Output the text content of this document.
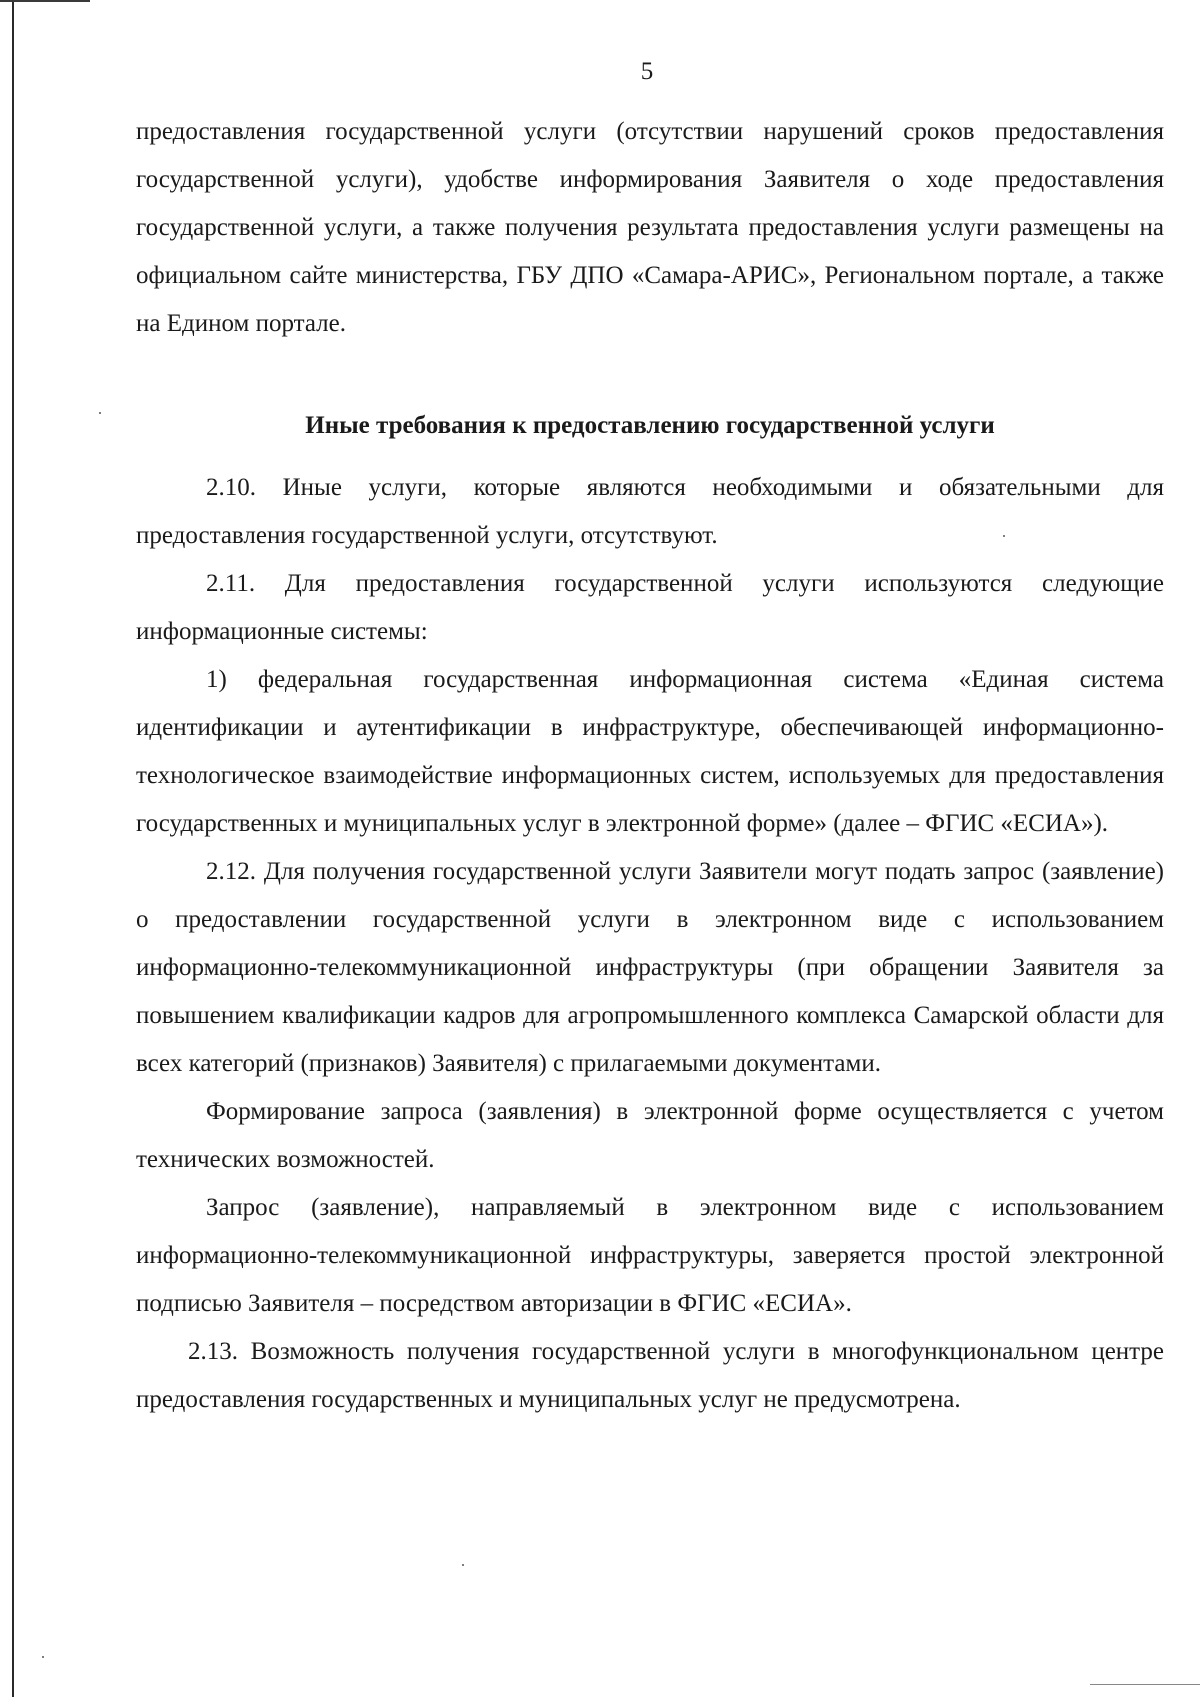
5

предоставления государственной услуги (отсутствии нарушений сроков предоставления государственной услуги), удобстве информирования Заявителя о ходе предоставления государственной услуги, а также получения результата предоставления услуги размещены на официальном сайте министерства, ГБУ ДПО «Самара-АРИС», Региональном портале, а также на Едином портале.

Иные требования к предоставлению государственной услуги

2.10. Иные услуги, которые являются необходимыми и обязательными для предоставления государственной услуги, отсутствуют.

2.11. Для предоставления государственной услуги используются следующие информационные системы:

1) федеральная государственная информационная система «Единая система идентификации и аутентификации в инфраструктуре, обеспечивающей информационно-технологическое взаимодействие информационных систем, используемых для предоставления государственных и муниципальных услуг в электронной форме» (далее – ФГИС «ЕСИА»).

2.12. Для получения государственной услуги Заявители могут подать запрос (заявление) о предоставлении государственной услуги в электронном виде с использованием информационно-телекоммуникационной инфраструктуры (при обращении Заявителя за повышением квалификации кадров для агропромышленного комплекса Самарской области для всех категорий (признаков) Заявителя) с прилагаемыми документами.

Формирование запроса (заявления) в электронной форме осуществляется с учетом технических возможностей.

Запрос (заявление), направляемый в электронном виде с использованием информационно-телекоммуникационной инфраструктуры, заверяется простой электронной подписью Заявителя – посредством авторизации в ФГИС «ЕСИА».

2.13. Возможность получения государственной услуги в многофункциональном центре предоставления государственных и муниципальных услуг не предусмотрена.
